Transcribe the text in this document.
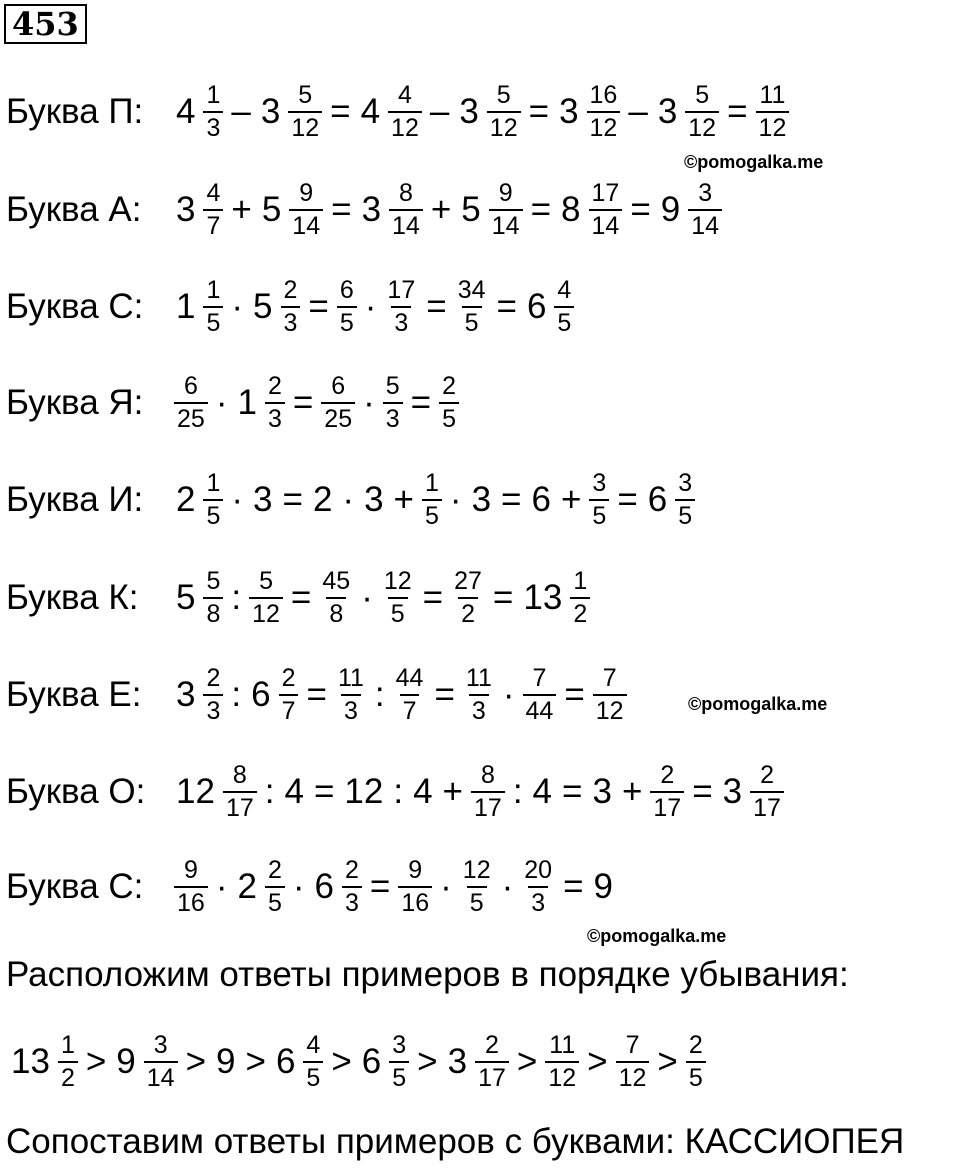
453
Буква П: $4 \frac{1}{3} - 3 \frac{5}{12} = 4 \frac{4}{12} - 3 \frac{5}{12} = 3 \frac{16}{12} - 3 \frac{5}{12} = \frac{11}{12}$
Буква А: $3 \frac{4}{7} + 5 \frac{9}{14} = 3 \frac{8}{14} + 5 \frac{9}{14} = 8 \frac{17}{14} = 9 \frac{3}{14}$
Буква С: $1 \frac{1}{5} \cdot 5 \frac{2}{3} = \frac{6}{5} \cdot \frac{17}{3} = \frac{34}{5} = 6 \frac{4}{5}$
Буква Я:	$\frac{6}{25} \cdot 1 \frac{2}{3} = \frac{6}{25} \cdot \frac{5}{3} = \frac{2}{5}$
Буква И: $2 \frac{1}{5} \cdot 3 = 2 \cdot 3 + \frac{1}{5} \cdot 3 = 6 + \frac{3}{5} = 6 \frac{3}{5}$
Буква К:	$5 \frac{5}{8}$ : $\frac{5}{12} = \frac{45}{8} \cdot \frac{12}{5} = \frac{27}{2} = 13 \frac{1}{2}$
Буква Е: $3 \frac{2}{3}$ : $6 \frac{2}{7} = \frac{11}{3}$ : $\frac{44}{7} = \frac{11}{3} \cdot \frac{7}{44} = \frac{7}{12}$
Буква О: $12 \frac{8}{17}$ : 4 = 12 : $4 + \frac{8}{17}$ : $4 = 3 + \frac{2}{17} = 3 \frac{2}{17}$
Буква С:	$\frac{9}{16} \cdot 2 \frac{2}{5} \cdot 6 \frac{2}{3} = \frac{9}{16} \cdot \frac{12}{5} \cdot \frac{20}{3} = 9$
©pomogalka.me
©pomogalka.me
©pomogalka.me
Расположим ответы примеров в порядке убывания:
$13 \frac{1}{2} > 9 \frac{3}{14} > 9 > 6 \frac{4}{5} > 6 \frac{3}{5} > 3 \frac{2}{17} > \frac{11}{12} > \frac{7}{12} > \frac{2}{5}$
Сопоставим ответы примеров с буквами: КАССИОПЕЯ
